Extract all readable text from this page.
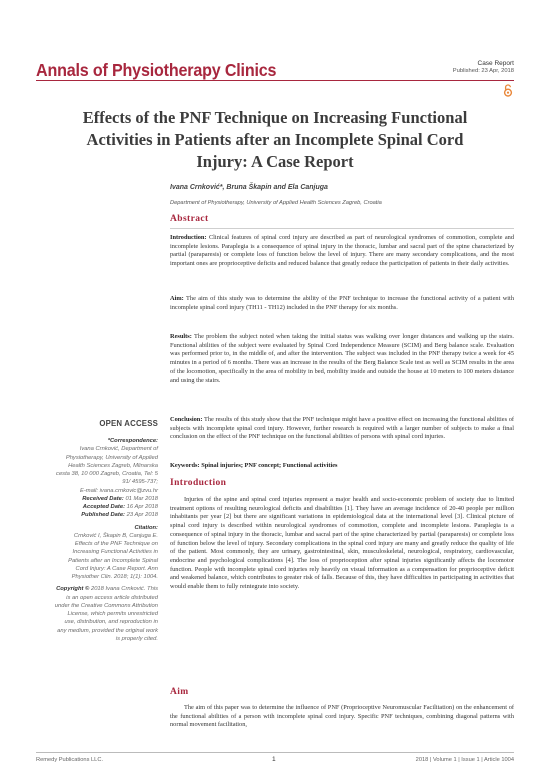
Annals of Physiotherapy Clinics	Case Report
Published: 23 Apr, 2018
Effects of the PNF Technique on Increasing Functional
Activities in Patients after an Incomplete Spinal Cord
Injury: A Case Report
Ivana Crnković*, Bruna Škapin and Ela Canjuga
Department of Physiotherapy, University of Applied Health Sciences Zagreb, Croatia
Abstract
Introduction: Clinical features of spinal cord injury are described as part of neurological syndromes of commotion, complete and incomplete lesions. Paraplegia is a consequence of spinal injury in the thoracic, lumbar and sacral part of the spine characterized by partial (paraparesis) or complete loss of function below the level of injury. There are many secondary complications, and the most important ones are proprioceptive deficits and reduced balance that greatly reduce the participation of patients in their daily activities.
Aim: The aim of this study was to determine the ability of the PNF technique to increase the functional activity of a patient with incomplete spinal cord injury (TH11 - TH12) included in the PNF therapy for six months.
Results: The problem the subject noted when taking the initial status was walking over longer distances and walking up the stairs. Functional abilities of the subject were evaluated by Spinal Cord Independence Measure (SCIM) and Berg balance scale. Evaluation was performed prior to, in the middle of, and after the intervention. The subject was included in the PNF therapy twice a week for 45 minutes in a period of 6 months. There was an increase in the results of the Berg Balance Scale test as well as SCIM results in the area of the locomotion, specifically in the area of mobility in bed, mobility inside and outside the house at 10 meters to 100 meters distance and using the stairs.
Conclusion: The results of this study show that the PNF technique might have a positive effect on increasing the functional abilities of subjects with incomplete spinal cord injury. However, further research is required with a larger number of subjects to make a final conclusion on the effect of the PNF technique on the functional abilities of persons with spinal cord injuries.
Keywords: Spinal injuries; PNF concept; Functional activities
Introduction
Injuries of the spine and spinal cord injuries represent a major health and socio-economic problem of society due to limited treatment options of resulting neurological deficits and disabilities [1]. They have an average incidence of 20-40 people per million inhabitants per year [2] but there are significant variations in epidemiological data at the international level [3]. Clinical picture of spinal cord injury is described within neurological syndromes of commotion, complete and incomplete lesions. Paraplegia is a consequence of spinal injury in the thoracic, lumbar and sacral part of the spine characterized by partial (paraparesis) or complete loss of function below the level of injury. Secondary complications in the spinal cord injury are many and greatly reduce the quality of life of the patient. Most commonly, they are urinary, gastrointestinal, skin, musculoskeletal, neurological, respiratory, cardiovascular, endocrine and psychological complications [4]. The loss of proprioception after spinal injuries significantly affects the locomotor function. People with incomplete spinal cord injuries rely heavily on visual information as a compensation for proprioceptive deficit and weakened balance, which contributes to greater risk of falls. Because of this, they have difficulties in participating in activities that would enable them to fully reintegrate into society.
Aim
The aim of this paper was to determine the influence of PNF (Proprioceptive Neuromuscular Facilitation) on the enhancement of the functional abilities of a person with incomplete spinal cord injury. Specific PNF techniques, combining diagonal patterns with normal movement facilitation,
OPEN ACCESS
*Correspondence:
Ivana Crnković, Department of
Physiotherapy, University of Applied
Health Sciences Zagreb, Mlinarska
cesta 38, 10 000 Zagreb, Croatia, Tel: 5
91/ 4595-737;
E-mail: ivana.crnkovic@zvu.hr
Received Date: 01 Mar 2018
Accepted Date: 16 Apr 2018
Published Date: 23 Apr 2018
Citation:
Crnković I, Škapin B, Canjuga E.
Effects of the PNF Technique on
Increasing Functional Activities in
Patients after an Incomplete Spinal
Cord Injury: A Case Report. Ann
Physiother Clin. 2018; 1(1): 1004.
Copyright © 2018 Ivana Crnković. This
is an open access article distributed
under the Creative Commons Attribution
License, which permits unrestricted
use, distribution, and reproduction in
any medium, provided the original work
is properly cited.
Remedy Publications LLC.	1	2018 | Volume 1 | Issue 1 | Article 1004
